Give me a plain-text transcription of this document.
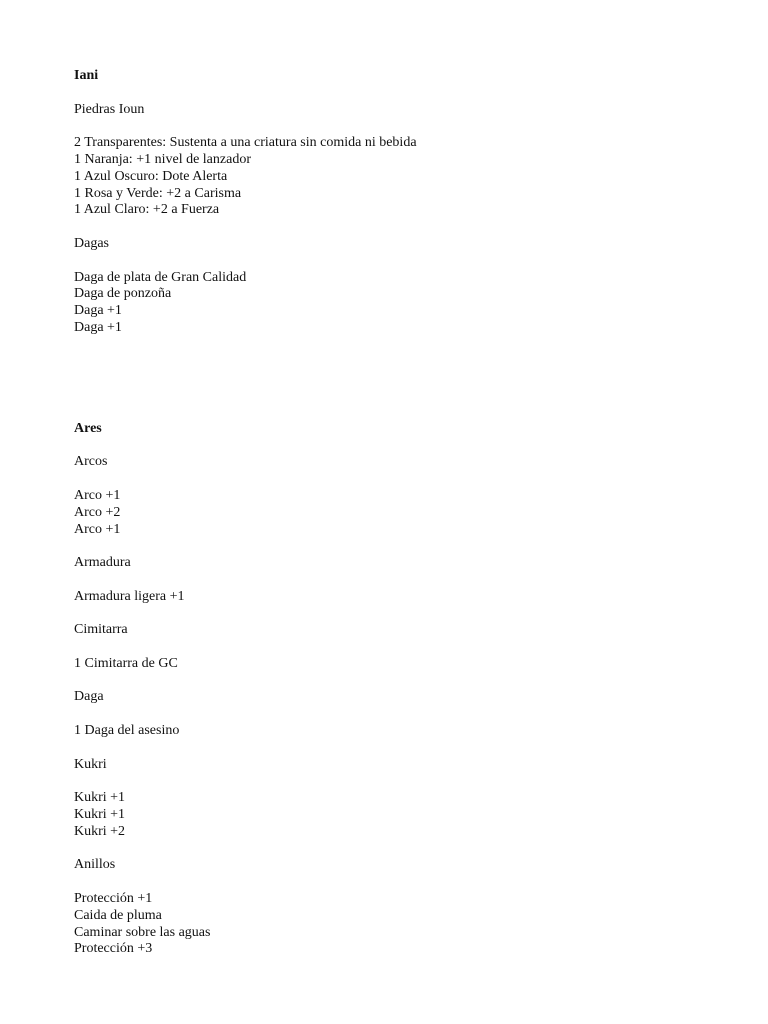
Iani
Piedras Ioun
2 Transparentes: Sustenta a una criatura sin comida ni bebida
1 Naranja: +1 nivel de lanzador
1 Azul Oscuro: Dote Alerta
1 Rosa y Verde: +2 a Carisma
1 Azul Claro: +2 a Fuerza
Dagas
Daga de plata de Gran Calidad
Daga de ponzoña
Daga +1
Daga +1
Ares
Arcos
Arco +1
Arco +2
Arco +1
Armadura
Armadura ligera +1
Cimitarra
1 Cimitarra de GC
Daga
1 Daga del asesino
Kukri
Kukri +1
Kukri +1
Kukri +2
Anillos
Protección +1
Caida de pluma
Caminar sobre las aguas
Protección +3
